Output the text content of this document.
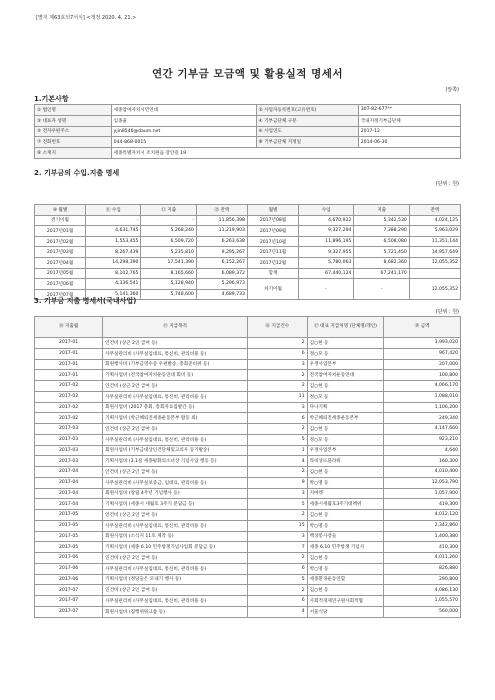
[별지 제63호의7서식] <개정 2020. 4. 21.>
연간 기부금 모금액 및 활용실적 명세서
(앞쪽)
1.기본사항
① 법인명	세종참여자치시민연대	② 사업자등록번호(고유번호)	307-82-677**
③ 대표자 성명	임종율	④ 기부금단체 구분	국내지정기부금단체
⑤ 전자우편주소	yjin8546@daum.net	⑥ 사업연도	2017-12
⑦ 전화번호	044-868-0015	⑧ 기부금단체 지정일	2014-06-30
⑨ 소재지	세종특별자치시 조치원읍 장안길 19		
2. 기부금의 수입.지출 명세
(단위 : 원)
⑩ 월별	⑪ 수입	⑫ 지출	⑬ 잔액	월별	수입	지출	잔액
전기이월	-	-	11,856,398	2017년08월	4,670,922	5,342,530	4,024,125
2017년01월	4,631,745	5,268,240	11,219,903	2017년09월	9,327,294	7,388,290	5,963,029
2017년02월	1,553,455	6,509,720	6,263,638	2017년10월	11,896,195	6,508,080	11,351,144
2017년03월	8,267,439	5,235,810	9,295,267	2017년11월	9,327,955	5,721,450	14,957,649
2017년04월	14,298,390	17,541,390	6,152,267	2017년12월	5,780,063	8,682,360	12,055,352
2017년05월	8,102,765	8,165,660	6,089,372	합계	67,440,124	67,241,170	
2017년06월	4,336,541	5,128,940	5,296,973	차기이월	-	-	12,055,352
2017년07월	5,141,360	5,748,600	4,689,733				
3. 기부금 지출 명세서(국내사업)
(단위 : 원)
⑭ 지출월	⑮ 지급목적	⑯ 지급건수	⑰ 대표 지급처명 (단체명/개인)	⑱ 금액
2017-01	인건비 (상근 2인 급여 등)	2	김○현 등	3,993,020
2017-01	사무실관리비 (사무실임대료, 통신비, 관리비용 등)	6	정○모 등	967,420
2017-01	회원행사비 (기부금영수증 우편발송, 총회준비위 등)	3	우정사업본부	207,000
2017-01	기획사업비 (전국참여자치운동연대 회비 등)	2	전국참여자치운동연대	100,800
2017-02	인건비 (상근 2인 급여 등)	2	김○현 등	4,066,170
2017-02	사무실관리비 (사무실임대료, 통신비, 관리비용 등)	11	정○모 등	1,088,010
2017-02	회원사업비 (2017 총회, 총회자료집발간 등)	3	다나기획	1,106,200
2017-02	기획사업비 (박근혜퇴진세종운동본부 활동 외)	6	박근혜퇴진세종운동본부	249,340
2017-03	인건비 (상근 2인 급여 등)	2	김○현 등	4,147,660
2017-03	사무실관리비 (사무실임대료, 통신비, 관리비용 등)	5	정○모 등	923,210
2017-03	회원사업비 (기부금대상인건단체및고의우 등기발송)	1	우정사업본부	4,640
2017-03	기획사업비 (3.1절 세종평화의소녀상 기념사업 행동 등)	4	라비상뜨플라워	160,300
2017-04	인건비 (상근 2인 급여 등)	2	김○현 등	4,010,400
2017-04	사무실관리비 (사무실보증금, 임대료, 관리비용 등)	9	박○명 등	12,053,790
2017-04	회원사업비 (창립 4주년 기념행사 등)	3	지마켓	1,057,900
2017-04	기획사업비 (세종시 세월호 3주기 분담금 등)	5	세종시세월호3주기대책위	419,300
2017-05	인건비 (상근 2인 급여 등)	2	김○현 등	4,012,120
2017-05	사무실관리비 (사무실임대료, 통신비, 관리비용 등)	15	박○명 등	2,342,860
2017-05	회원사업비 (소식지 11호 제작 등)	3	백상봉사장들	1,400,380
2017-05	기획사업비 (세종 6.10 민주항쟁기념사업회 분담금 등)	7	세종 6.10 민주항쟁 기념사	410,300
2017-06	인건비 (상근 2인 급여 등)	2	김○현 등	4,011,260
2017-06	사무실관리비 (사무실임대료, 통신비, 관리비용 등)	6	박○명 등	826,880
2017-06	기획사업비 (정당들은 모내기 행사 등)	5	세종환경운동연합	290,800
2017-07	인건비 (상근 2인 급여 등)	2	김○현 등	4,086,130
2017-07	사무실관리비 (사무실임대료, 통신비, 관리비용 등)	6	사회적경제연구원사회적협	1,055,570
2017-07	회원사업비 (집행위워크숍 등)	4	서울식당	560,000
